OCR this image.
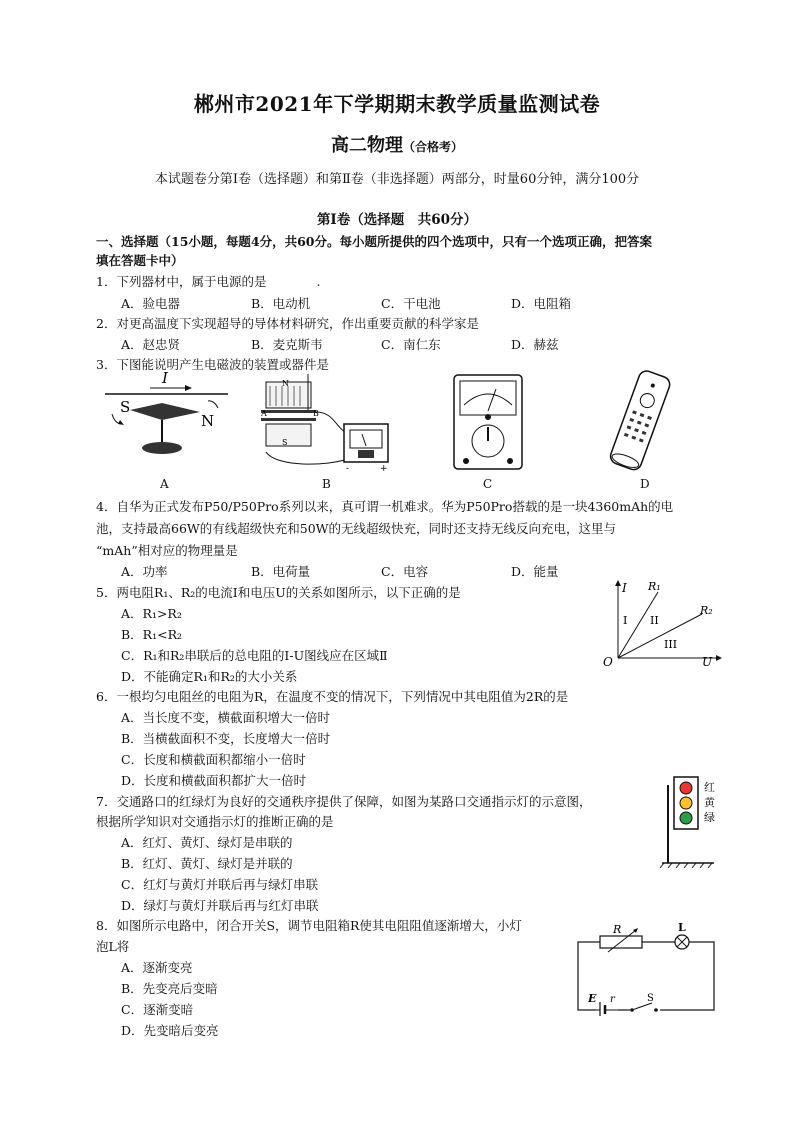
郴州市2021年下学期期末教学质量监测试卷
高二物理（合格考）
本试题卷分第Ⅰ卷（选择题）和第Ⅱ卷（非选择题）两部分，时量60分钟，满分100分
第Ⅰ卷（选择题　共60分）
一、选择题（15小题，每题4分，共60分。每小题所提供的四个选项中，只有一个选项正确，把答案
填在答题卡中）
1．下列器材中，属于电源的是　　　　.
A．验电器	B．电动机	C．干电池	D．电阻箱
2．对更高温度下实现超导的导体材料研究，作出重要贡献的科学家是
A．赵忠贤	B．麦克斯韦	C．南仁东	D．赫兹
3．下图能说明产生电磁波的装置或器件是
I
S
N
A
N
A	B
S
-	+
B	C	D
4．自华为正式发布P50/P50Pro系列以来，真可谓一机难求。华为P50Pro搭载的是一块4360mAh的电
池，支持最高66W的有线超级快充和50W的无线超级快充，同时还支持无线反向充电，这里与
“mAh”相对应的物理量是
A．功率	B．电荷量	C．电容	D．能量
5．两电阻R₁、R₂的电流I和电压U的关系如图所示，以下正确的是
A．R₁>R₂
B．R₁<R₂
C．R₁和R₂串联后的总电阻的I-U图线应在区域Ⅱ
D．不能确定R₁和R₂的大小关系
I
U
O
R₁
R₂
I II
III
6．一根均匀电阻丝的电阻为R，在温度不变的情况下，下列情况中其电阻值为2R的是
A．当长度不变，横截面积增大一倍时
B．当横截面积不变，长度增大一倍时
C．长度和横截面积都缩小一倍时
D．长度和横截面积都扩大一倍时
7．交通路口的红绿灯为良好的交通秩序提供了保障，如图为某路口交通指示灯的示意图，
根据所学知识对交通指示灯的推断正确的是
A．红灯、黄灯、绿灯是串联的
B．红灯、黄灯、绿灯是并联的
C．红灯与黄灯并联后再与绿灯串联
D．绿灯与黄灯并联后再与红灯串联
红
黄
绿
8．如图所示电路中，闭合开关S，调节电阻箱R使其电阻阻值逐渐增大，小灯
泡L将
A．逐渐变亮
B．先变亮后变暗
C．逐渐变暗
D．先变暗后变亮
R	L
E r	S
